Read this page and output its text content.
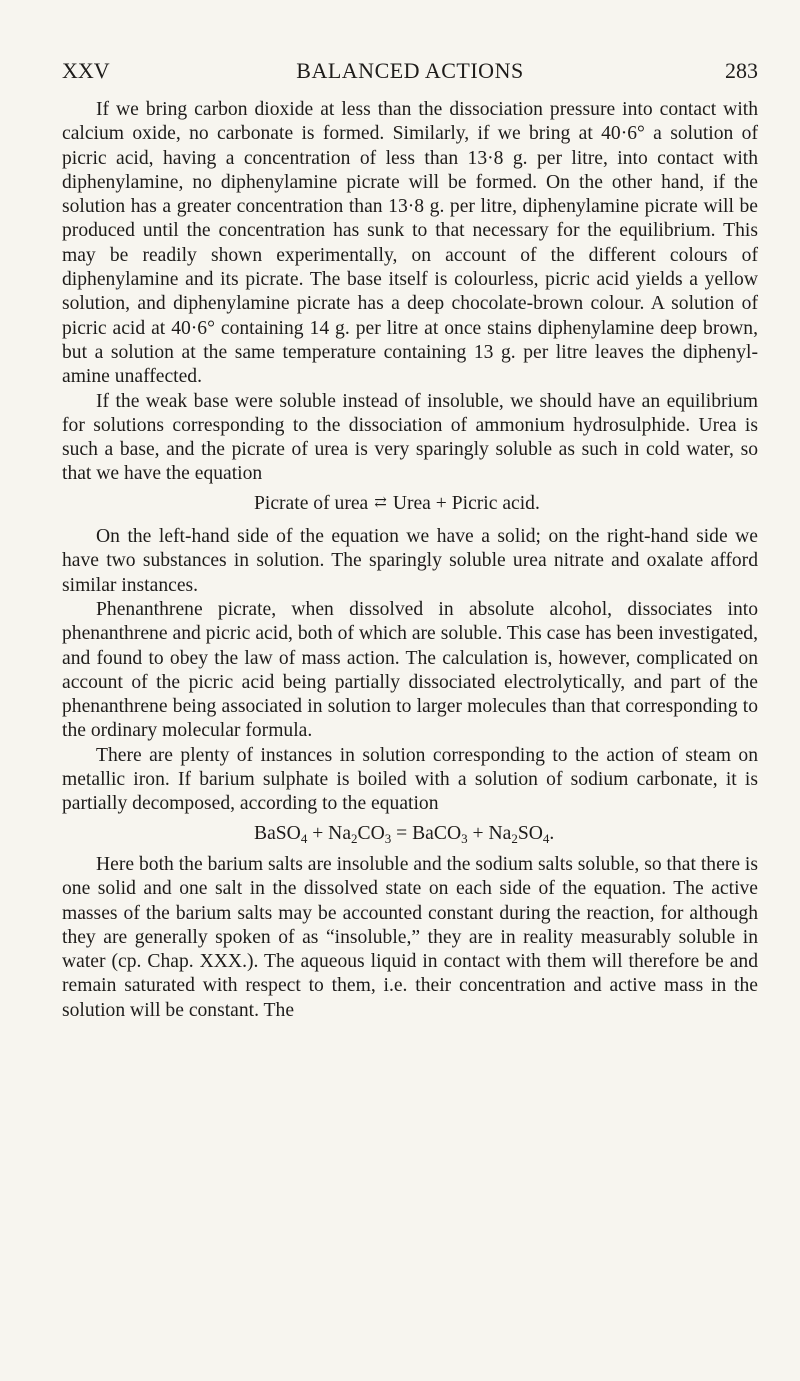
XXV	BALANCED ACTIONS	283

If we bring carbon dioxide at less than the dissociation pressure into contact with calcium oxide, no carbonate is formed. Similarly, if we bring at 40·6° a solution of picric acid, having a concentration of less than 13·8 g. per litre, into contact with diphenylamine, no diphenylamine picrate will be formed. On the other hand, if the solution has a greater concentration than 13·8 g. per litre, diphenylamine picrate will be produced until the concentration has sunk to that necessary for the equilibrium. This may be readily shown experimentally, on account of the different colours of diphenylamine and its picrate. The base itself is colourless, picric acid yields a yellow solution, and diphenylamine picrate has a deep chocolate-brown colour. A solution of picric acid at 40·6° containing 14 g. per litre at once stains diphenylamine deep brown, but a solution at the same temperature containing 13 g. per litre leaves the diphenylamine unaffected.

If the weak base were soluble instead of insoluble, we should have an equilibrium for solutions corresponding to the dissociation of ammonium hydrosulphide. Urea is such a base, and the picrate of urea is very sparingly soluble as such in cold water, so that we have the equation

Picrate of urea ⇄ Urea + Picric acid.

On the left-hand side of the equation we have a solid; on the right-hand side we have two substances in solution. The sparingly soluble urea nitrate and oxalate afford similar instances.

Phenanthrene picrate, when dissolved in absolute alcohol, dissociates into phenanthrene and picric acid, both of which are soluble. This case has been investigated, and found to obey the law of mass action. The calculation is, however, complicated on account of the picric acid being partially dissociated electrolytically, and part of the phenanthrene being associated in solution to larger molecules than that corresponding to the ordinary molecular formula.

There are plenty of instances in solution corresponding to the action of steam on metallic iron. If barium sulphate is boiled with a solution of sodium carbonate, it is partially decomposed, according to the equation

BaSO$_4$ + $Na_2CO_3$ = BaCO$_3$ + $Na_2SO_4$.

Here both the barium salts are insoluble and the sodium salts soluble, so that there is one solid and one salt in the dissolved state on each side of the equation. The active masses of the barium salts may be accounted constant during the reaction, for although they are generally spoken of as “insoluble,” they are in reality measurably soluble in water (cp. Chap. XXX.). The aqueous liquid in contact with them will therefore be and remain saturated with respect to them, i.e. their concentration and active mass in the solution will be constant. The
